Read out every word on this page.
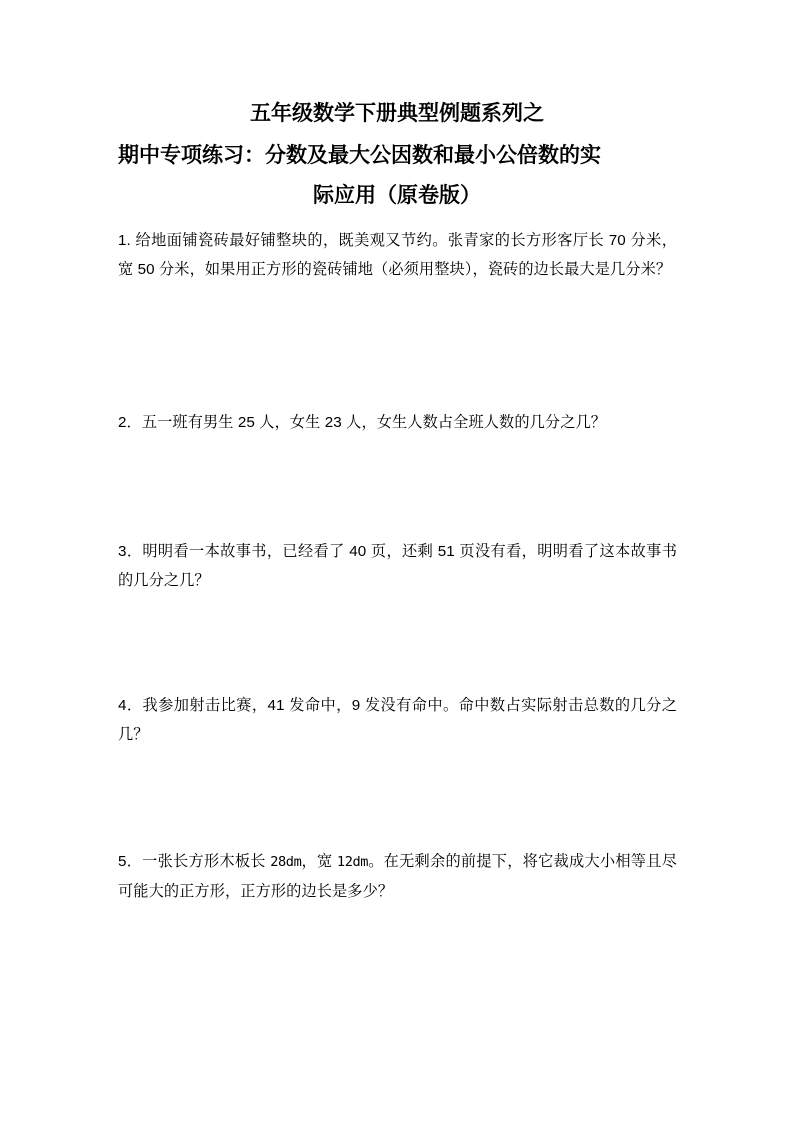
五年级数学下册典型例题系列之
期中专项练习：分数及最大公因数和最小公倍数的实
际应用（原卷版）

1. 给地面铺瓷砖最好铺整块的，既美观又节约。张青家的长方形客厅长 70 分米，宽 50 分米，如果用正方形的瓷砖铺地（必须用整块），瓷砖的边长最大是几分米？

2．五一班有男生 25 人，女生 23 人，女生人数占全班人数的几分之几？

3．明明看一本故事书，已经看了 40 页，还剩 51 页没有看，明明看了这本故事书的几分之几？

4．我参加射击比赛，41 发命中，9 发没有命中。命中数占实际射击总数的几分之几？

5．一张长方形木板长 28dm，宽 12dm。在无剩余的前提下，将它裁成大小相等且尽可能大的正方形，正方形的边长是多少？
